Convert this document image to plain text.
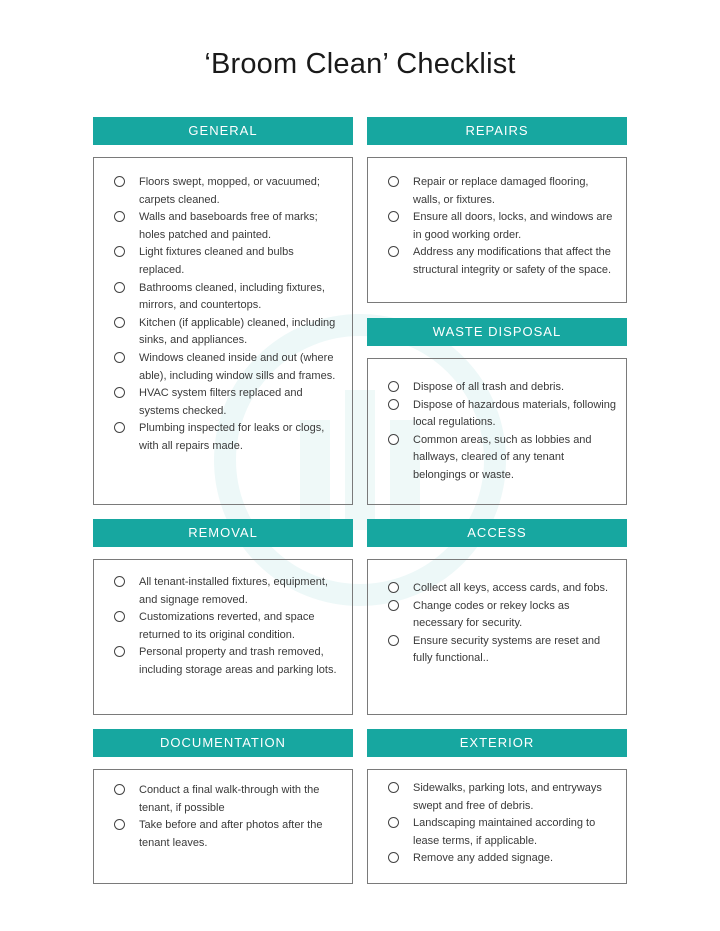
‘Broom Clean’ Checklist
GENERAL
Floors swept, mopped, or vacuumed; carpets cleaned.
Walls and baseboards free of marks; holes patched and painted.
Light fixtures cleaned and bulbs replaced.
Bathrooms cleaned, including fixtures, mirrors, and countertops.
Kitchen (if applicable) cleaned, including sinks, and appliances.
Windows cleaned inside and out (where able), including window sills and frames.
HVAC system filters replaced and systems checked.
Plumbing inspected for leaks or clogs, with all repairs made.
REPAIRS
Repair or replace damaged flooring, walls, or fixtures.
Ensure all doors, locks, and windows are in good working order.
Address any modifications that affect the structural integrity or safety of the space.
WASTE DISPOSAL
Dispose of all trash and debris.
Dispose of hazardous materials, following local regulations.
Common areas, such as lobbies and hallways, cleared of any tenant belongings or waste.
REMOVAL
All tenant-installed fixtures, equipment, and signage removed.
Customizations reverted, and space returned to its original condition.
Personal property and trash removed, including storage areas and parking lots.
ACCESS
Collect all keys, access cards, and fobs.
Change codes or rekey locks as necessary for security.
Ensure security systems are reset and fully functional..
DOCUMENTATION
Conduct a final walk-through with the tenant, if possible
Take before and after photos after the tenant leaves.
EXTERIOR
Sidewalks, parking lots, and entryways swept and free of debris.
Landscaping maintained according to lease terms, if applicable.
Remove any added signage.
